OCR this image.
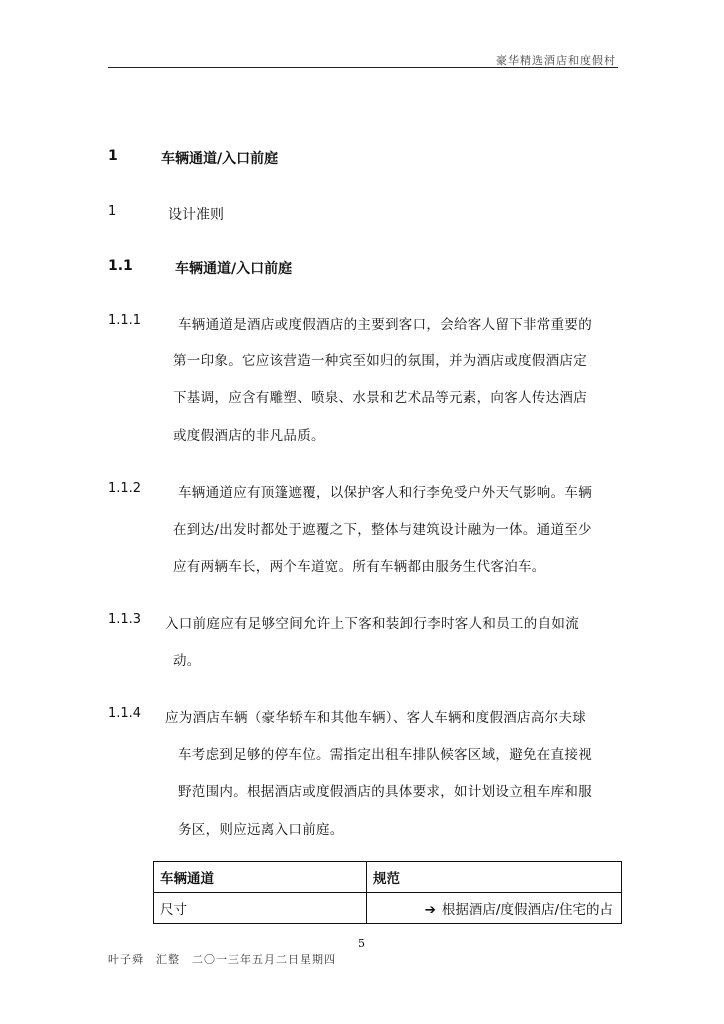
豪华精选酒店和度假村
1	车辆通道/入口前庭
1	设计准则
1.1	车辆通道/入口前庭
1.1.1	车辆通道是酒店或度假酒店的主要到客口，会给客人留下非常重要的
第一印象。它应该营造一种宾至如归的氛围，并为酒店或度假酒店定
下基调，应含有雕塑、喷泉、水景和艺术品等元素，向客人传达酒店
或度假酒店的非凡品质。
1.1.2	车辆通道应有顶篷遮覆，以保护客人和行李免受户外天气影响。车辆
在到达/出发时都处于遮覆之下，整体与建筑设计融为一体。通道至少
应有两辆车长，两个车道宽。所有车辆都由服务生代客泊车。
1.1.3 入口前庭应有足够空间允许上下客和装卸行李时客人和员工的自如流
动。
1.1.4 应为酒店车辆（豪华轿车和其他车辆）、客人车辆和度假酒店高尔夫球
车考虑到足够的停车位。需指定出租车排队候客区域，避免在直接视
野范围内。根据酒店或度假酒店的具体要求，如计划设立租车库和服
务区，则应远离入口前庭。
车辆通道	规范
尺寸	➔ 根据酒店/度假酒店/住宅的占
5
叶子舜　汇整　二〇一三年五月二日星期四
